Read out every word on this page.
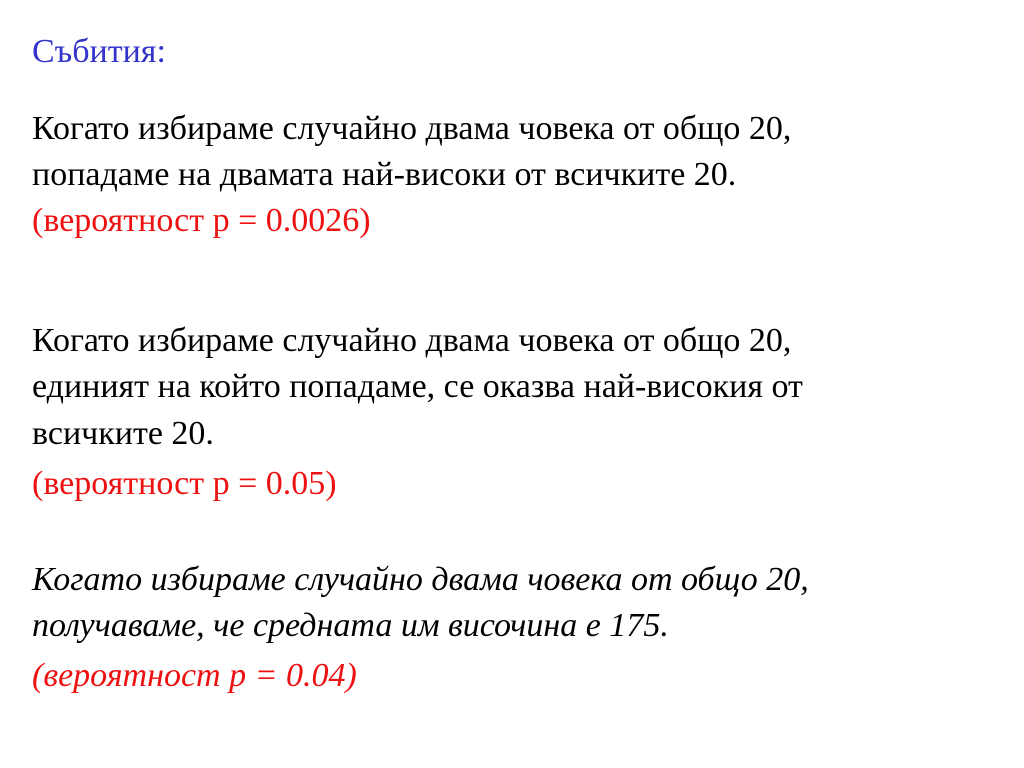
Събития:
Когато избираме случайно двама човека от общо 20,
попадаме на двамата най-високи от всичките 20.
(вероятност p = 0.0026)
Когато избираме случайно двама човека от общо 20,
единият на който попадаме, се оказва най-високия от
всичките 20.
(вероятност p = 0.05)
Когато избираме случайно двама човека от общо 20,
получаваме, че средната им височина е 175.
(вероятност p = 0.04)
